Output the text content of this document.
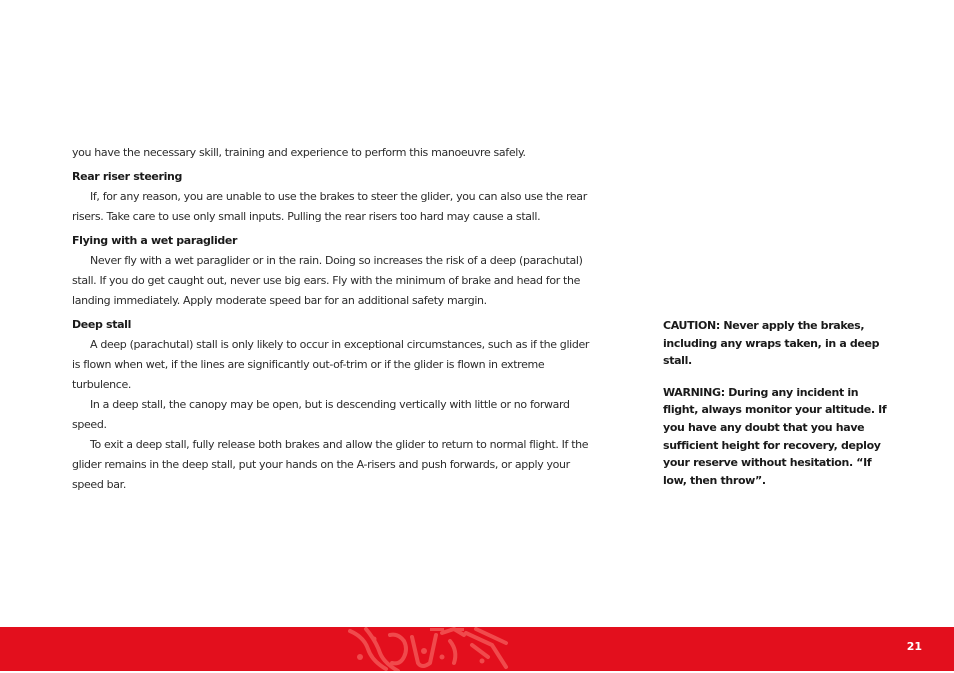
you have the necessary skill, training and experience to perform this manoeuvre safely.

Rear riser steering

If, for any reason, you are unable to use the brakes to steer the glider, you can also use the rear risers. Take care to use only small inputs. Pulling the rear risers too hard may cause a stall.

Flying with a wet paraglider

Never fly with a wet paraglider or in the rain. Doing so increases the risk of a deep (parachutal) stall. If you do get caught out, never use big ears. Fly with the minimum of brake and head for the landing immediately. Apply moderate speed bar for an additional safety margin.

Deep stall

A deep (parachutal) stall is only likely to occur in exceptional circumstances, such as if the glider is flown when wet, if the lines are significantly out-of-trim or if the glider is flown in extreme turbulence.

In a deep stall, the canopy may be open, but is descending vertically with little or no forward speed.

To exit a deep stall, fully release both brakes and allow the glider to return to normal flight. If the glider remains in the deep stall, put your hands on the A-risers and push forwards, or apply your speed bar.

CAUTION: Never apply the brakes, including any wraps taken, in a deep stall.

WARNING: During any incident in flight, always monitor your altitude. If you have any doubt that you have sufficient height for recovery, deploy your reserve without hesitation. “If low, then throw”.

21
